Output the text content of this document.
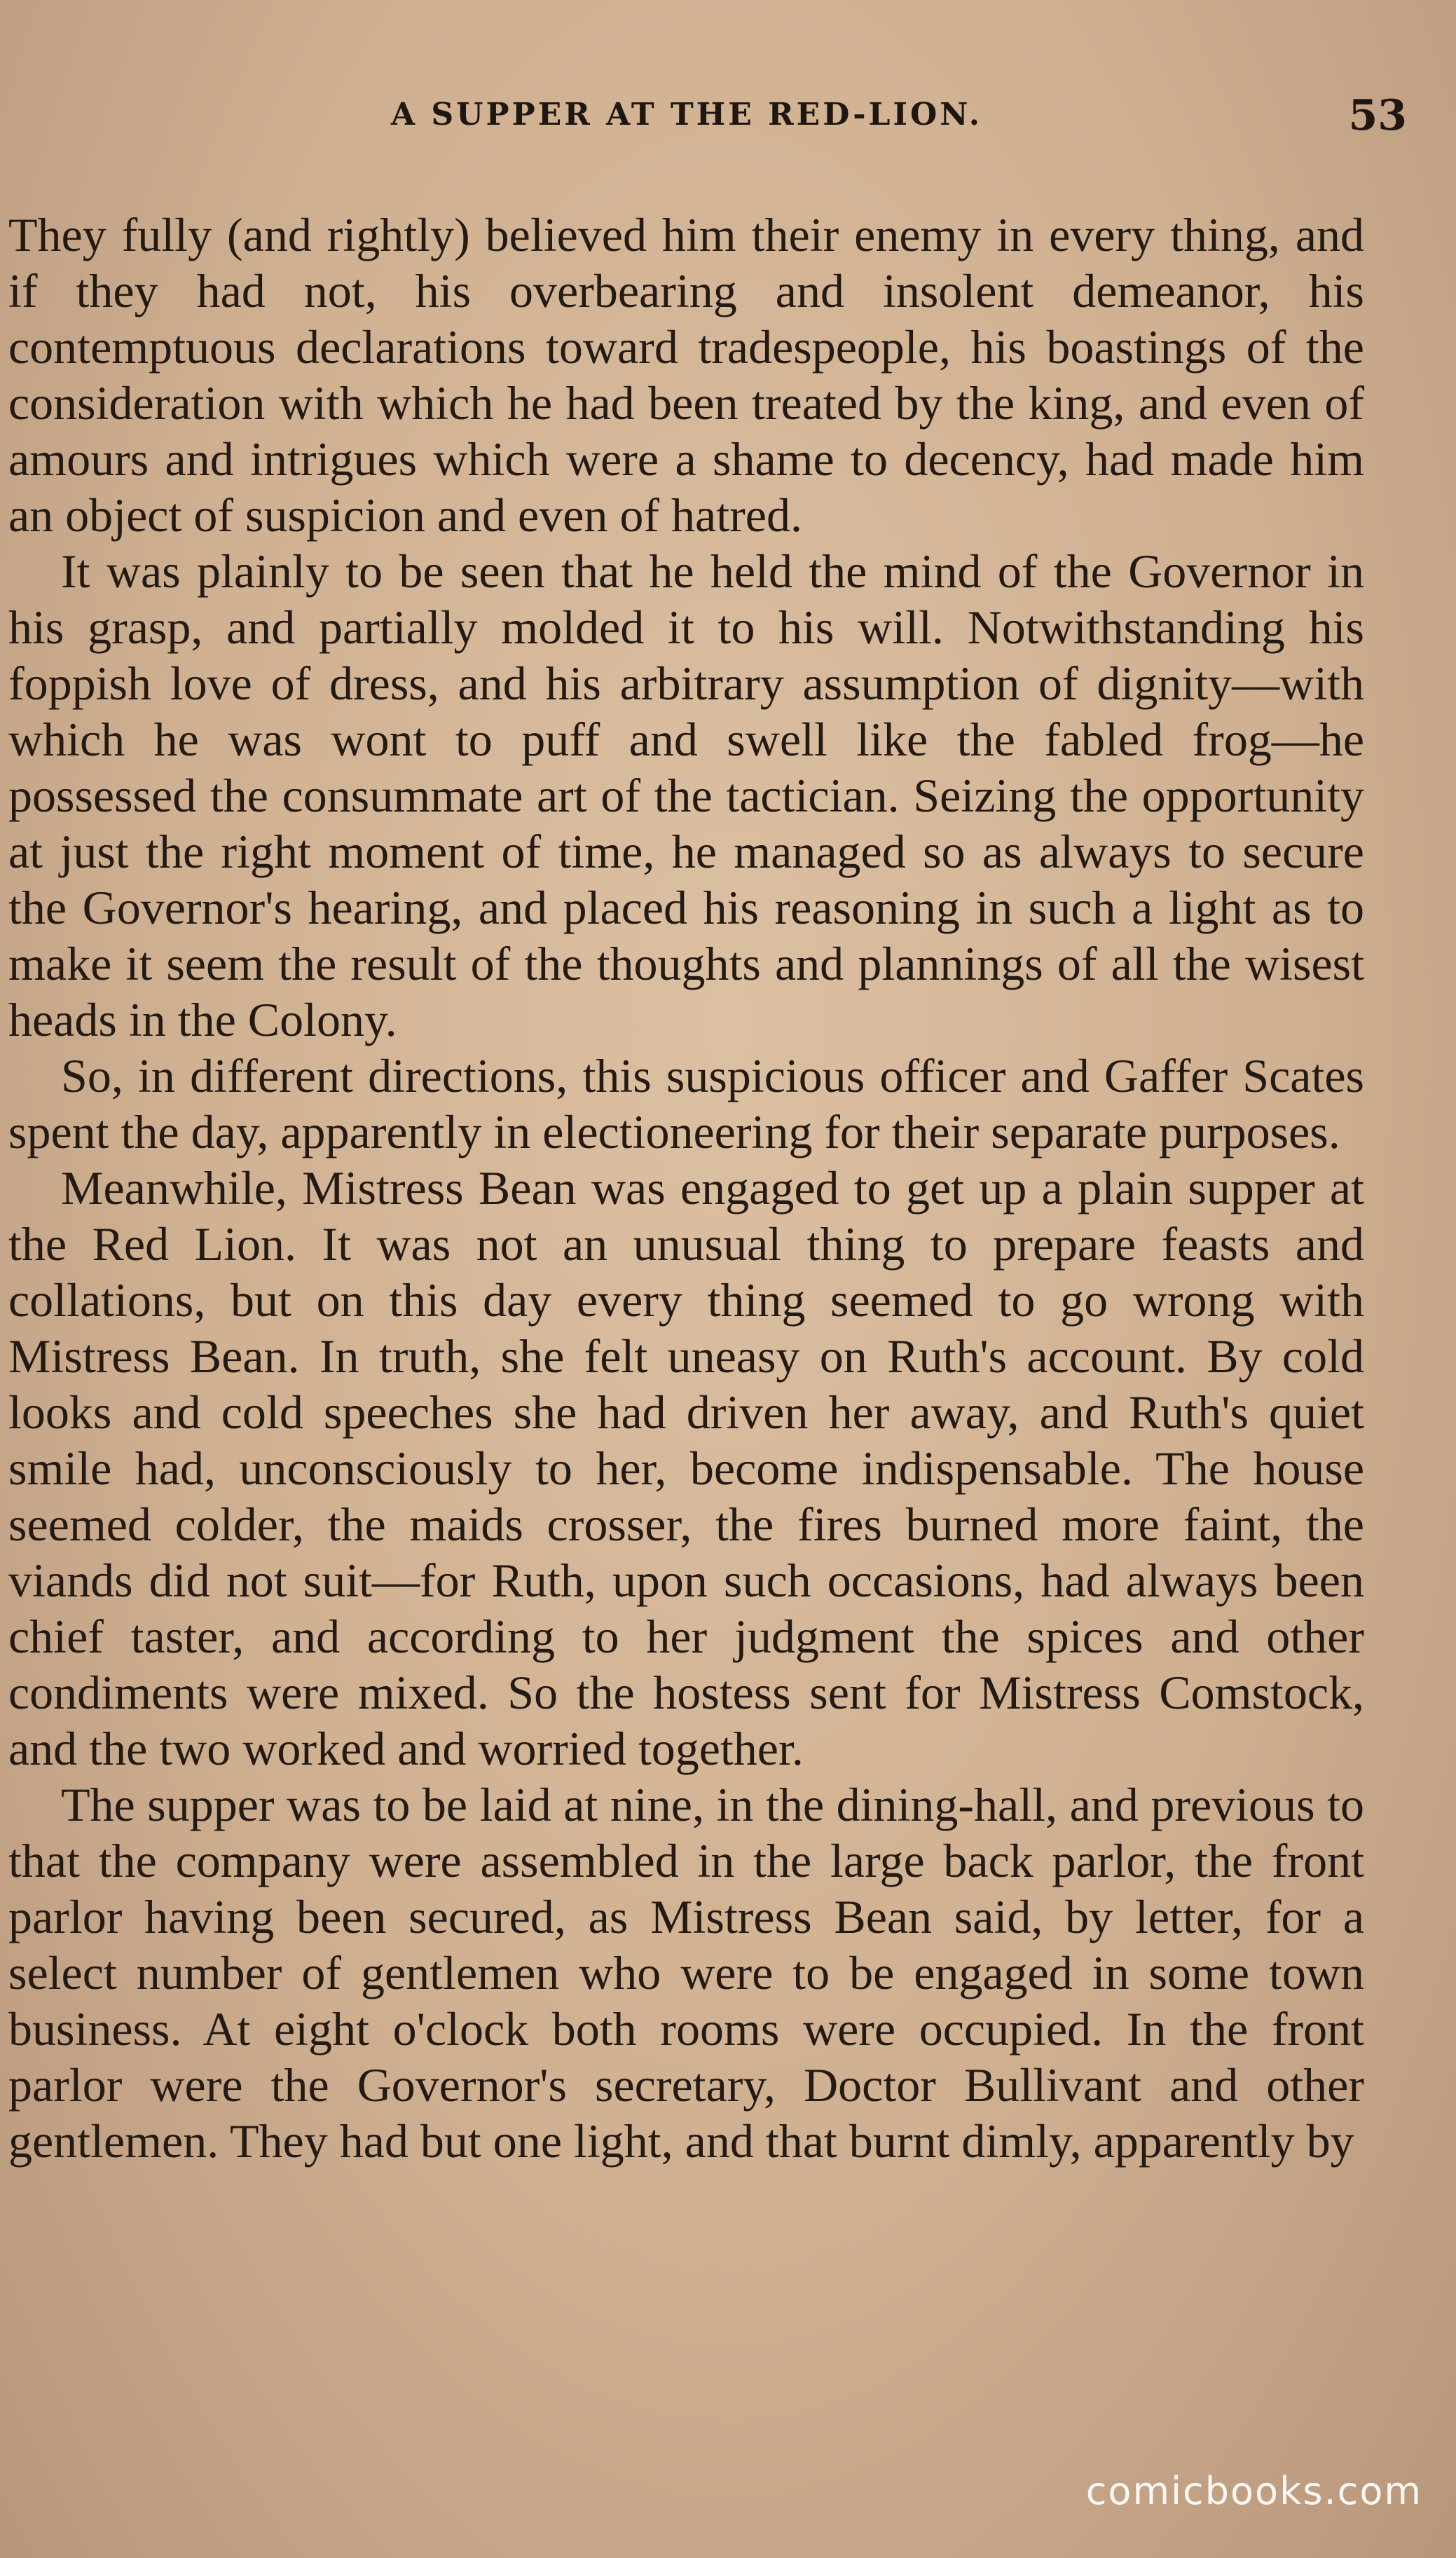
A SUPPER AT THE RED-LION.	53

They fully (and rightly) believed him their enemy in every thing, and if they had not, his overbearing and insolent demeanor, his contemptuous declarations toward tradespeople, his boastings of the consideration with which he had been treated by the king, and even of amours and intrigues which were a shame to decency, had made him an object of suspicion and even of hatred.

It was plainly to be seen that he held the mind of the Governor in his grasp, and partially molded it to his will. Notwithstanding his foppish love of dress, and his arbitrary assumption of dignity—with which he was wont to puff and swell like the fabled frog—he possessed the consummate art of the tactician. Seizing the opportunity at just the right moment of time, he managed so as always to secure the Governor's hearing, and placed his reasoning in such a light as to make it seem the result of the thoughts and plannings of all the wisest heads in the Colony.

So, in different directions, this suspicious officer and Gaffer Scates spent the day, apparently in electioneering for their separate purposes.

Meanwhile, Mistress Bean was engaged to get up a plain supper at the Red Lion. It was not an unusual thing to prepare feasts and collations, but on this day every thing seemed to go wrong with Mistress Bean. In truth, she felt uneasy on Ruth's account. By cold looks and cold speeches she had driven her away, and Ruth's quiet smile had, unconsciously to her, become indispensable. The house seemed colder, the maids crosser, the fires burned more faint, the viands did not suit—for Ruth, upon such occasions, had always been chief taster, and according to her judgment the spices and other condiments were mixed. So the hostess sent for Mistress Comstock, and the two worked and worried together.

The supper was to be laid at nine, in the dining-hall, and previous to that the company were assembled in the large back parlor, the front parlor having been secured, as Mistress Bean said, by letter, for a select number of gentlemen who were to be engaged in some town business. At eight o'clock both rooms were occupied. In the front parlor were the Governor's secretary, Doctor Bullivant and other gentlemen. They had but one light, and that burnt dimly, apparently by

comicbooks.com
